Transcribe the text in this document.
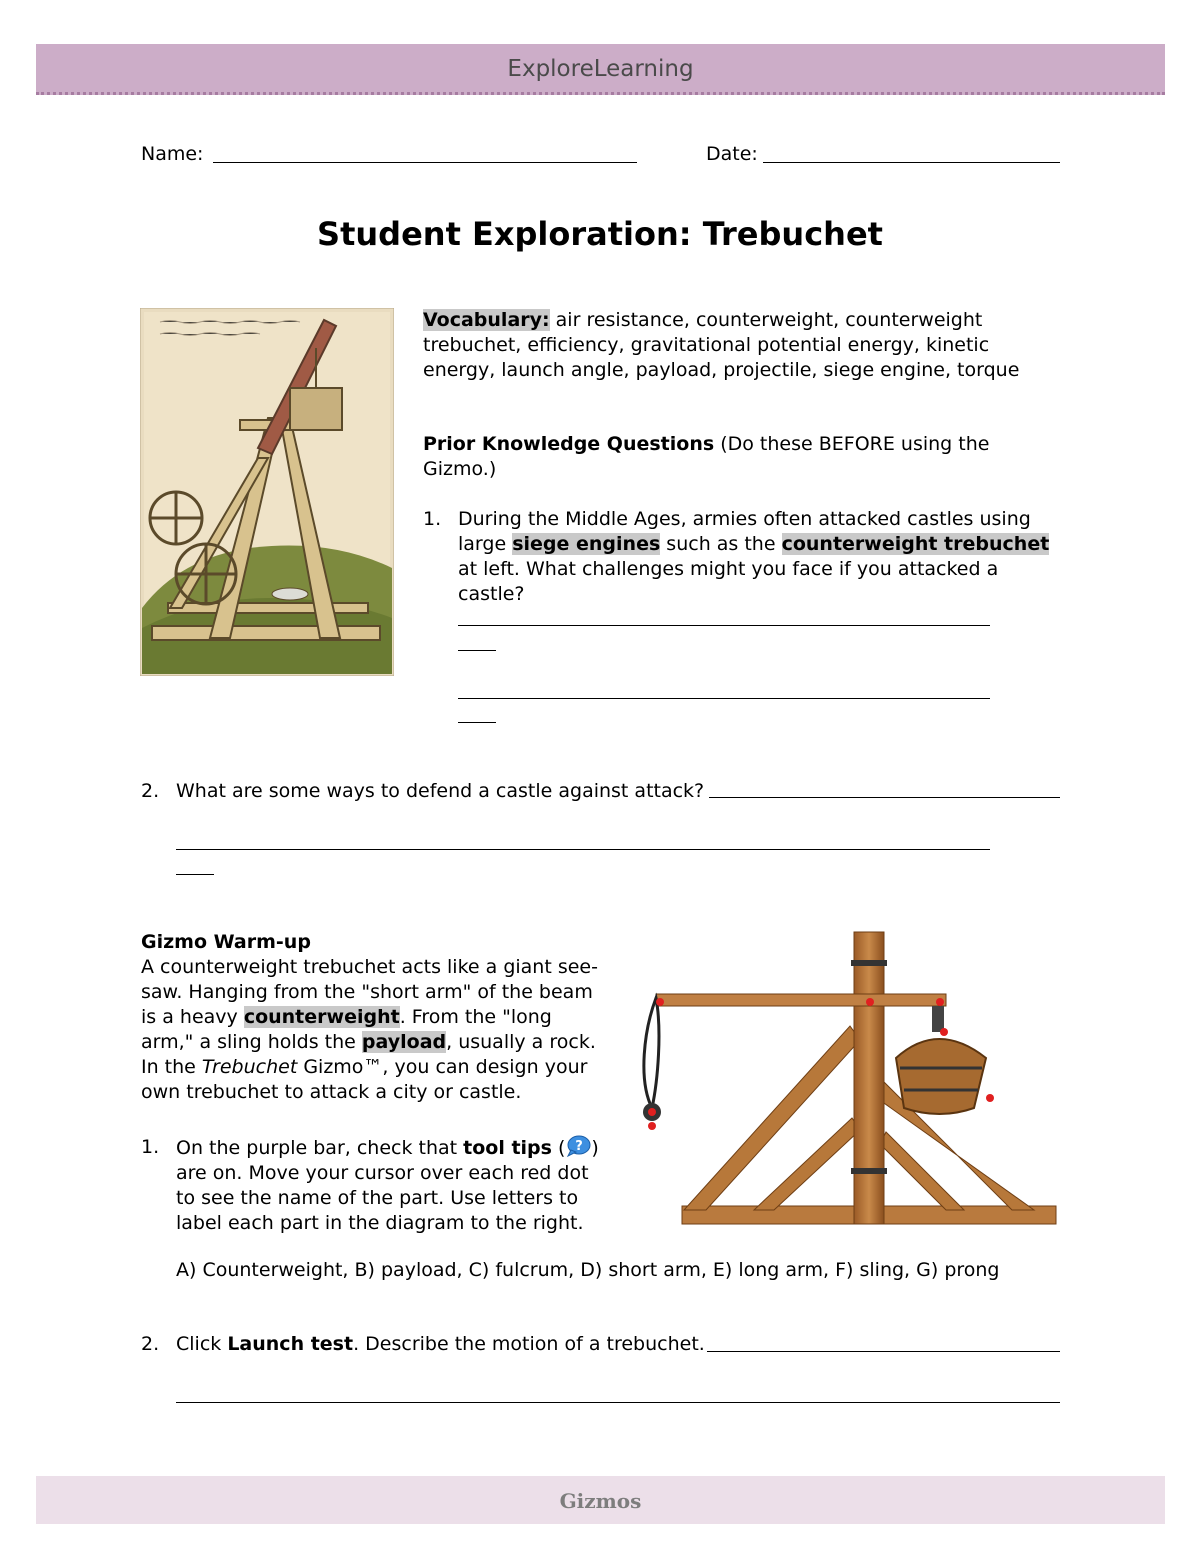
ExploreLearning
Name:	Date:
Student Exploration: Trebuchet
Vocabulary: air resistance, counterweight, counterweight trebuchet, efficiency, gravitational potential energy, kinetic energy, launch angle, payload, projectile, siege engine, torque
Prior Knowledge Questions (Do these BEFORE using the Gizmo.)
1. During the Middle Ages, armies often attacked castles using large siege engines such as the counterweight trebuchet at left. What challenges might you face if you attacked a castle?
2. What are some ways to defend a castle against attack?
Gizmo Warm-up
A counterweight trebuchet acts like a giant see-saw. Hanging from the "short arm" of the beam is a heavy counterweight. From the "long arm," a sling holds the payload, usually a rock. In the Trebuchet Gizmo™, you can design your own trebuchet to attack a city or castle.
1. On the purple bar, check that tool tips ( ? ) are on. Move your cursor over each red dot to see the name of the part. Use letters to label each part in the diagram to the right.
A) Counterweight, B) payload, C) fulcrum, D) short arm, E) long arm, F) sling, G) prong
2. Click Launch test. Describe the motion of a trebuchet.
Gizmos
